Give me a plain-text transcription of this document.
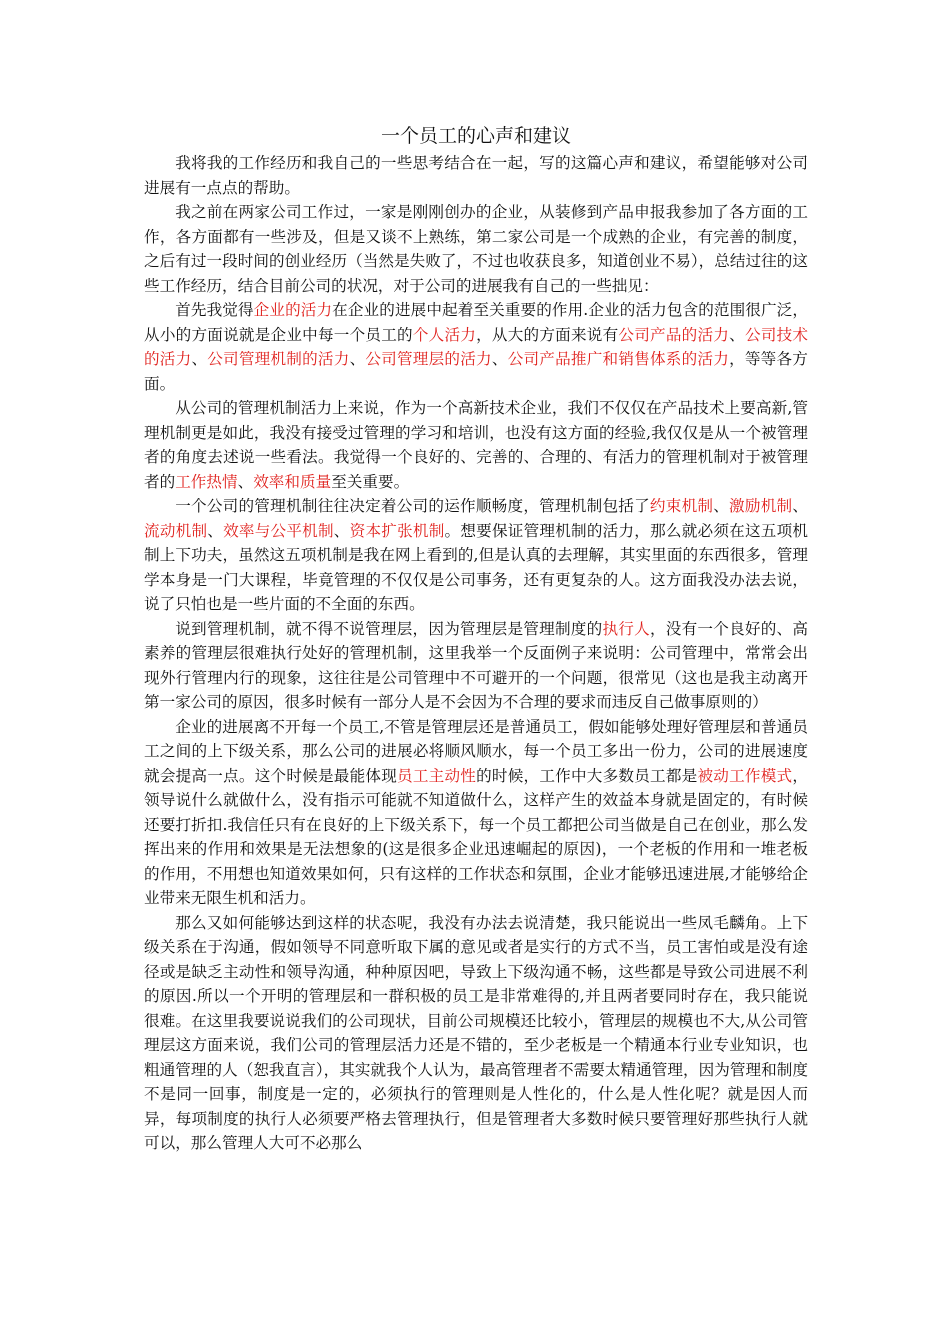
一个员工的心声和建议

我将我的工作经历和我自己的一些思考结合在一起，写的这篇心声和建议，希望能够对公司进展有一点点的帮助。

我之前在两家公司工作过，一家是刚刚创办的企业，从装修到产品申报我参加了各方面的工作，各方面都有一些涉及，但是又谈不上熟练，第二家公司是一个成熟的企业，有完善的制度，之后有过一段时间的创业经历（当然是失败了，不过也收获良多，知道创业不易），总结过往的这些工作经历，结合目前公司的状况，对于公司的进展我有自己的一些拙见：

首先我觉得企业的活力在企业的进展中起着至关重要的作用.企业的活力包含的范围很广泛，从小的方面说就是企业中每一个员工的个人活力，从大的方面来说有公司产品的活力、公司技术的活力、公司管理机制的活力、公司管理层的活力、公司产品推广和销售体系的活力，等等各方面。

从公司的管理机制活力上来说，作为一个高新技术企业，我们不仅仅在产品技术上要高新,管理机制更是如此，我没有接受过管理的学习和培训，也没有这方面的经验,我仅仅是从一个被管理者的角度去述说一些看法。我觉得一个良好的、完善的、合理的、有活力的管理机制对于被管理者的工作热情、效率和质量至关重要。

一个公司的管理机制往往决定着公司的运作顺畅度，管理机制包括了约束机制、激励机制、流动机制、效率与公平机制、资本扩张机制。想要保证管理机制的活力，那么就必须在这五项机制上下功夫，虽然这五项机制是我在网上看到的,但是认真的去理解，其实里面的东西很多，管理学本身是一门大课程，毕竟管理的不仅仅是公司事务，还有更复杂的人。这方面我没办法去说，说了只怕也是一些片面的不全面的东西。

说到管理机制，就不得不说管理层，因为管理层是管理制度的执行人，没有一个良好的、高素养的管理层很难执行处好的管理机制，这里我举一个反面例子来说明：公司管理中，常常会出现外行管理内行的现象，这往往是公司管理中不可避开的一个问题，很常见（这也是我主动离开第一家公司的原因，很多时候有一部分人是不会因为不合理的要求而违反自己做事原则的）

企业的进展离不开每一个员工,不管是管理层还是普通员工，假如能够处理好管理层和普通员工之间的上下级关系，那么公司的进展必将顺风顺水，每一个员工多出一份力，公司的进展速度就会提高一点。这个时候是最能体现员工主动性的时候，工作中大多数员工都是被动工作模式，领导说什么就做什么，没有指示可能就不知道做什么，这样产生的效益本身就是固定的，有时候还要打折扣.我信任只有在良好的上下级关系下，每一个员工都把公司当做是自己在创业，那么发挥出来的作用和效果是无法想象的(这是很多企业迅速崛起的原因)，一个老板的作用和一堆老板的作用，不用想也知道效果如何，只有这样的工作状态和氛围，企业才能够迅速进展,才能够给企业带来无限生机和活力。

那么又如何能够达到这样的状态呢，我没有办法去说清楚，我只能说出一些凤毛麟角。上下级关系在于沟通，假如领导不同意听取下属的意见或者是实行的方式不当，员工害怕或是没有途径或是缺乏主动性和领导沟通，种种原因吧，导致上下级沟通不畅，这些都是导致公司进展不利的原因.所以一个开明的管理层和一群积极的员工是非常难得的,并且两者要同时存在，我只能说很难。在这里我要说说我们的公司现状，目前公司规模还比较小，管理层的规模也不大,从公司管理层这方面来说，我们公司的管理层活力还是不错的，至少老板是一个精通本行业专业知识，也粗通管理的人（恕我直言），其实就我个人认为，最高管理者不需要太精通管理，因为管理和制度不是同一回事，制度是一定的，必须执行的管理则是人性化的，什么是人性化呢？就是因人而异，每项制度的执行人必须要严格去管理执行，但是管理者大多数时候只要管理好那些执行人就可以，那么管理人大可不必那么
